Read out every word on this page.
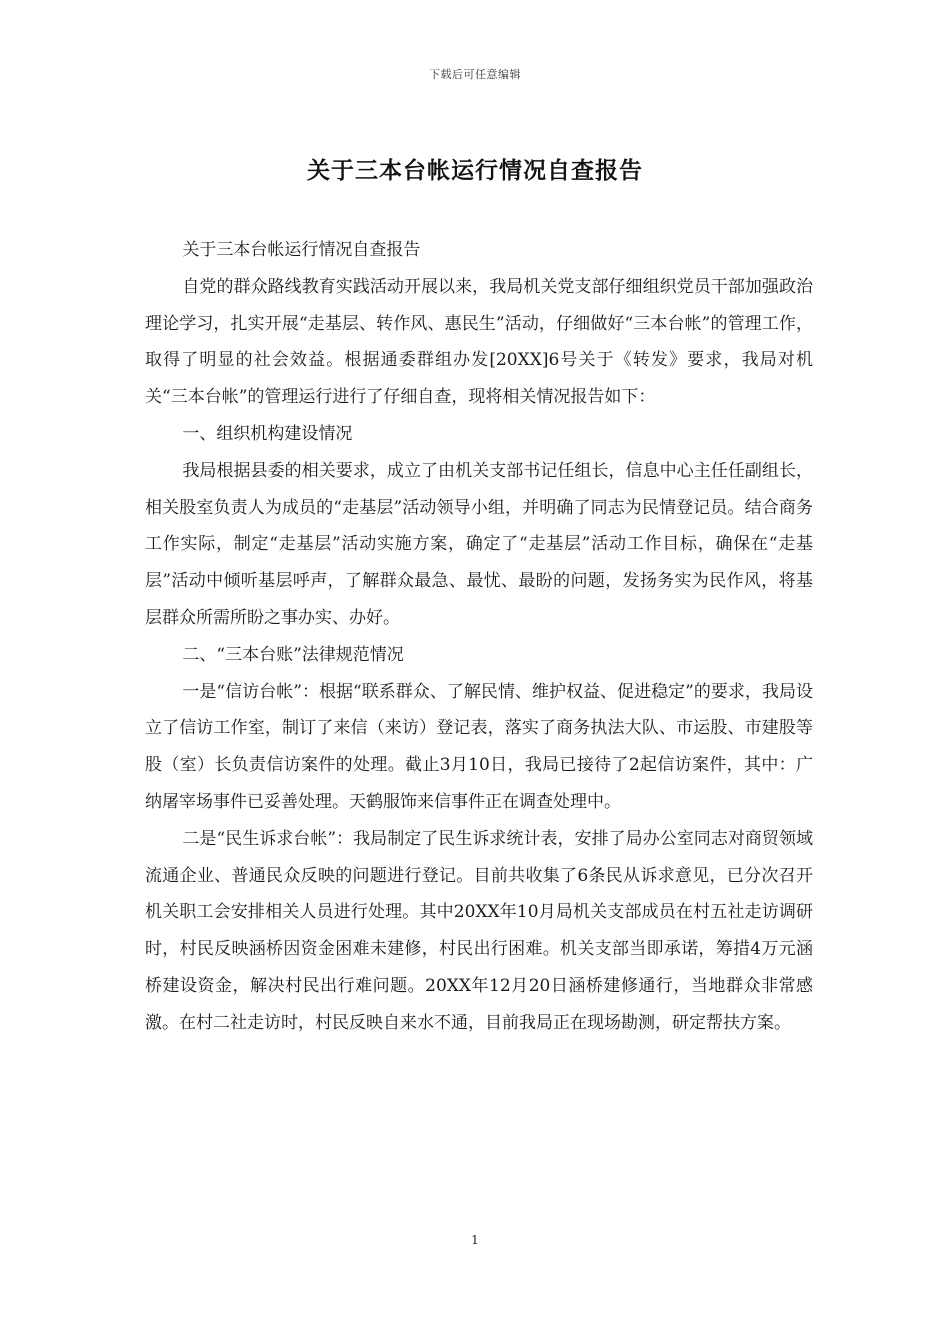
下载后可任意编辑
关于三本台帐运行情况自查报告

关于三本台帐运行情况自查报告

自党的群众路线教育实践活动开展以来，我局机关党支部仔细组织党员干部加强政治理论学习，扎实开展“走基层、转作风、惠民生”活动，仔细做好“三本台帐”的管理工作，取得了明显的社会效益。根据通委群组办发[20XX]6号关于《转发》要求，我局对机关“三本台帐”的管理运行进行了仔细自查，现将相关情况报告如下：

一、组织机构建设情况

我局根据县委的相关要求，成立了由机关支部书记任组长，信息中心主任任副组长，相关股室负责人为成员的“走基层”活动领导小组，并明确了同志为民情登记员。结合商务工作实际，制定“走基层”活动实施方案，确定了“走基层”活动工作目标，确保在“走基层”活动中倾听基层呼声，了解群众最急、最忧、最盼的问题，发扬务实为民作风，将基层群众所需所盼之事办实、办好。

二、“三本台账”法律规范情况

一是“信访台帐”：根据“联系群众、了解民情、维护权益、促进稳定”的要求，我局设立了信访工作室，制订了来信（来访）登记表，落实了商务执法大队、市运股、市建股等股（室）长负责信访案件的处理。截止3月10日，我局已接待了2起信访案件，其中：广纳屠宰场事件已妥善处理。天鹤服饰来信事件正在调查处理中。

二是“民生诉求台帐”：我局制定了民生诉求统计表，安排了局办公室同志对商贸领域流通企业、普通民众反映的问题进行登记。目前共收集了6条民从诉求意见，已分次召开机关职工会安排相关人员进行处理。其中20XX年10月局机关支部成员在村五社走访调研时，村民反映涵桥因资金困难未建修，村民出行困难。机关支部当即承诺，筹措4万元涵桥建设资金，解决村民出行难问题。20XX年12月20日涵桥建修通行，当地群众非常感激。在村二社走访时，村民反映自来水不通，目前我局正在现场勘测，研定帮扶方案。

1
